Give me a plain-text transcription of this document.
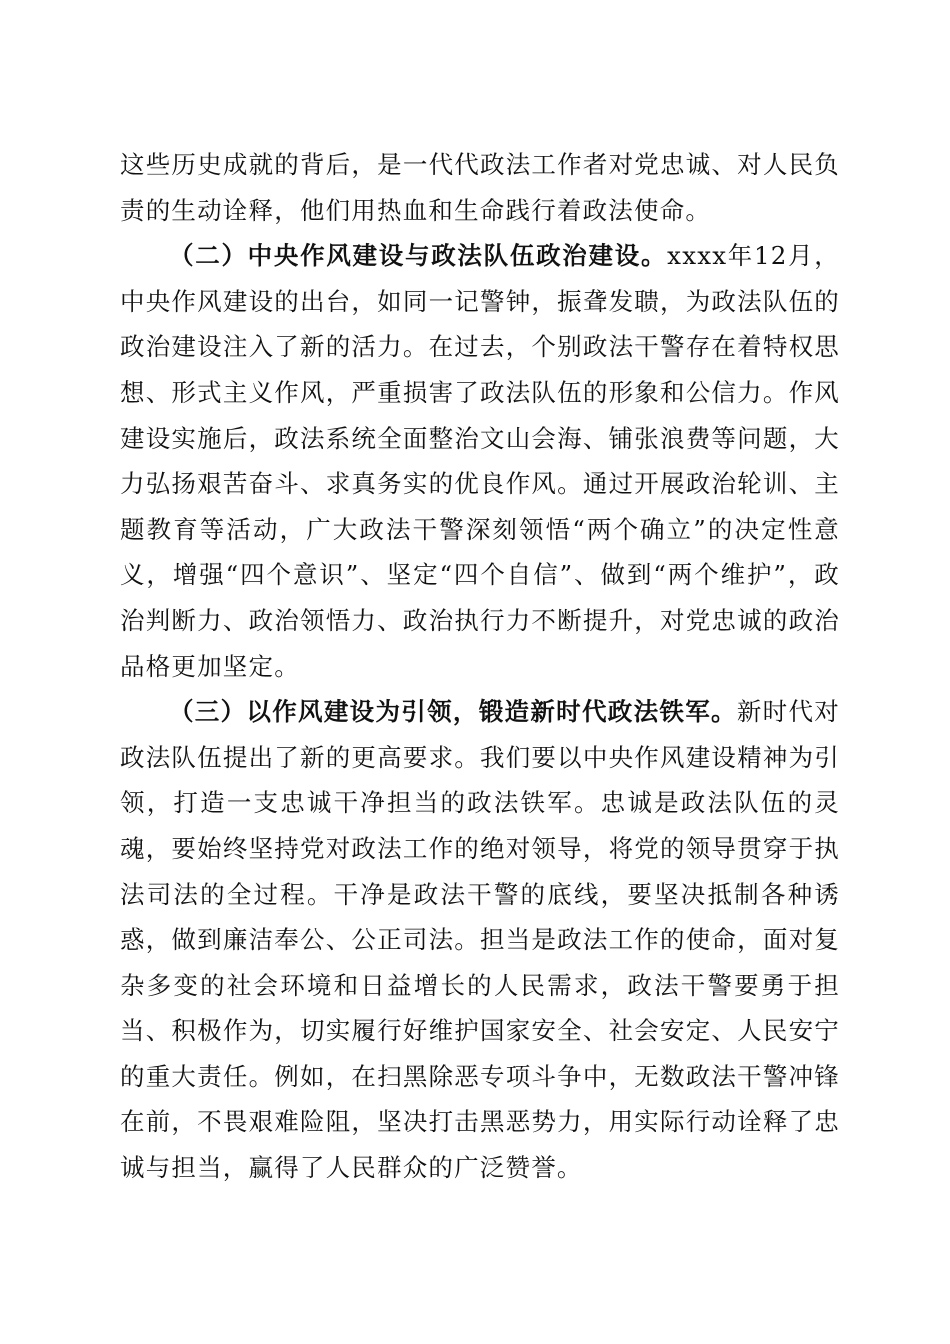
这些历史成就的背后，是一代代政法工作者对党忠诚、对人民负责的生动诠释，他们用热血和生命践行着政法使命。

（二）中央作风建设与政法队伍政治建设。xxxx年12月，中央作风建设的出台，如同一记警钟，振聋发聩，为政法队伍的政治建设注入了新的活力。在过去，个别政法干警存在着特权思想、形式主义作风，严重损害了政法队伍的形象和公信力。作风建设实施后，政法系统全面整治文山会海、铺张浪费等问题，大力弘扬艰苦奋斗、求真务实的优良作风。通过开展政治轮训、主题教育等活动，广大政法干警深刻领悟“两个确立”的决定性意义，增强“四个意识”、坚定“四个自信”、做到“两个维护”，政治判断力、政治领悟力、政治执行力不断提升，对党忠诚的政治品格更加坚定。

（三）以作风建设为引领，锻造新时代政法铁军。新时代对政法队伍提出了新的更高要求。我们要以中央作风建设精神为引领，打造一支忠诚干净担当的政法铁军。忠诚是政法队伍的灵魂，要始终坚持党对政法工作的绝对领导，将党的领导贯穿于执法司法的全过程。干净是政法干警的底线，要坚决抵制各种诱惑，做到廉洁奉公、公正司法。担当是政法工作的使命，面对复杂多变的社会环境和日益增长的人民需求，政法干警要勇于担当、积极作为，切实履行好维护国家安全、社会安定、人民安宁的重大责任。例如，在扫黑除恶专项斗争中，无数政法干警冲锋在前，不畏艰难险阻，坚决打击黑恶势力，用实际行动诠释了忠诚与担当，赢得了人民群众的广泛赞誉。
